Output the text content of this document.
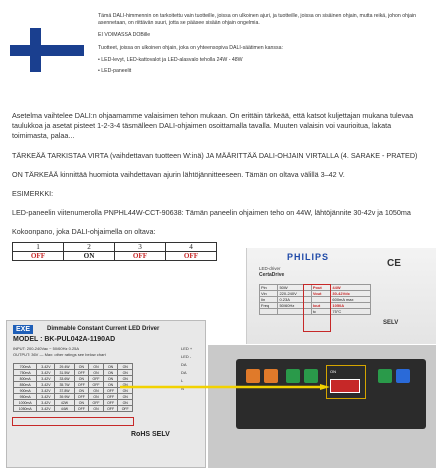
Tämä DALI-himmennin on tarkoitettu vain tuotteille, joissa on ulkoinen ajuri, ja tuotteille, joissa on sisäinen ohjain, mutta reikä, johon ohjain asennetaan, on riittävän suuri, jotta se pääsee sisään ohjain ongelmia.

EI VOIMASSA DOBille

Tuotteet, joissa on ulkoinen ohjain, joka on yhteensopiva DALI-säätimen kanssa:

• LED-levyt, LED-kattovalot ja LED-alasvalo teholla 24W - 48W

• LED-paneelit

Asetelma vaihtelee DALI:n ohjaamamme valaisimen tehon mukaan. On erittäin tärkeää, että katsot kuljettajan mukana tulevaa taulukkoa ja asetat pisteet 1-2-3-4 täsmälleen DALI-ohjaimen osoittamalla tavalla. Muuten valaisin voi vaurioitua, lakata toimimasta, palaa...

TÄRKEÄÄ TARKISTAA VIRTA (vaihdettavan tuotteen W:inä) JA MÄÄRITTÄÄ DALI-OHJAIN VIRTALLA (4. SARAKE - PRATED)

ON TÄRKEÄÄ kinnittää huomiota vaihdettavan ajurin lähtöjännitteeseen. Tämän on oltava välillä 3–42 V.

ESIMERKKI:

LED-paneelin viitenumerolla PNPHL44W-CCT-90638: Tämän paneelin ohjaimen teho on 44W, lähtöjännite 30-42v ja 1050ma

Kokoonpano, joka DALI-ohjaimella on oltava:

1	2	3	4
OFF	ON	OFF	OFF	PHILIPS
LED-driver
CertaDrive
Pin	50W	Pout	44W
Vin	220-240V	Vout	30-42Vdc
Iin	0.23A		600mA max
Freq	50/60Hz	Iout	1050A
		tc	75°C
CE
SELV
EXE	Dimmable Constant Current LED Driver
MODEL : BK-PUL042A-1190AD
INPUT: 200-240Vac ~ 50/60Hz 0.25A
OUTPUT: 36V — Max: other ratings see below chart
700mA	3-42V	29.4W	ON	ON	ON	ON
750mA	3-42V	31.5W	OFF	ON	ON	ON
800mA	3-42V	33.6W	ON	OFF	ON	ON
850mA	3-42V	35.7W	OFF	OFF	ON	ON
900mA	3-42V	37.8W	ON	ON	OFF	ON
950mA	3-42V	39.9W	OFF	ON	OFF	ON
1000mA	3-42V	42W	ON	OFF	OFF	ON
1050mA	3-42V	44W	OFF	ON	OFF	OFF
RoHS SELV
LED +
LED -
DA
DA
L
N
ON
